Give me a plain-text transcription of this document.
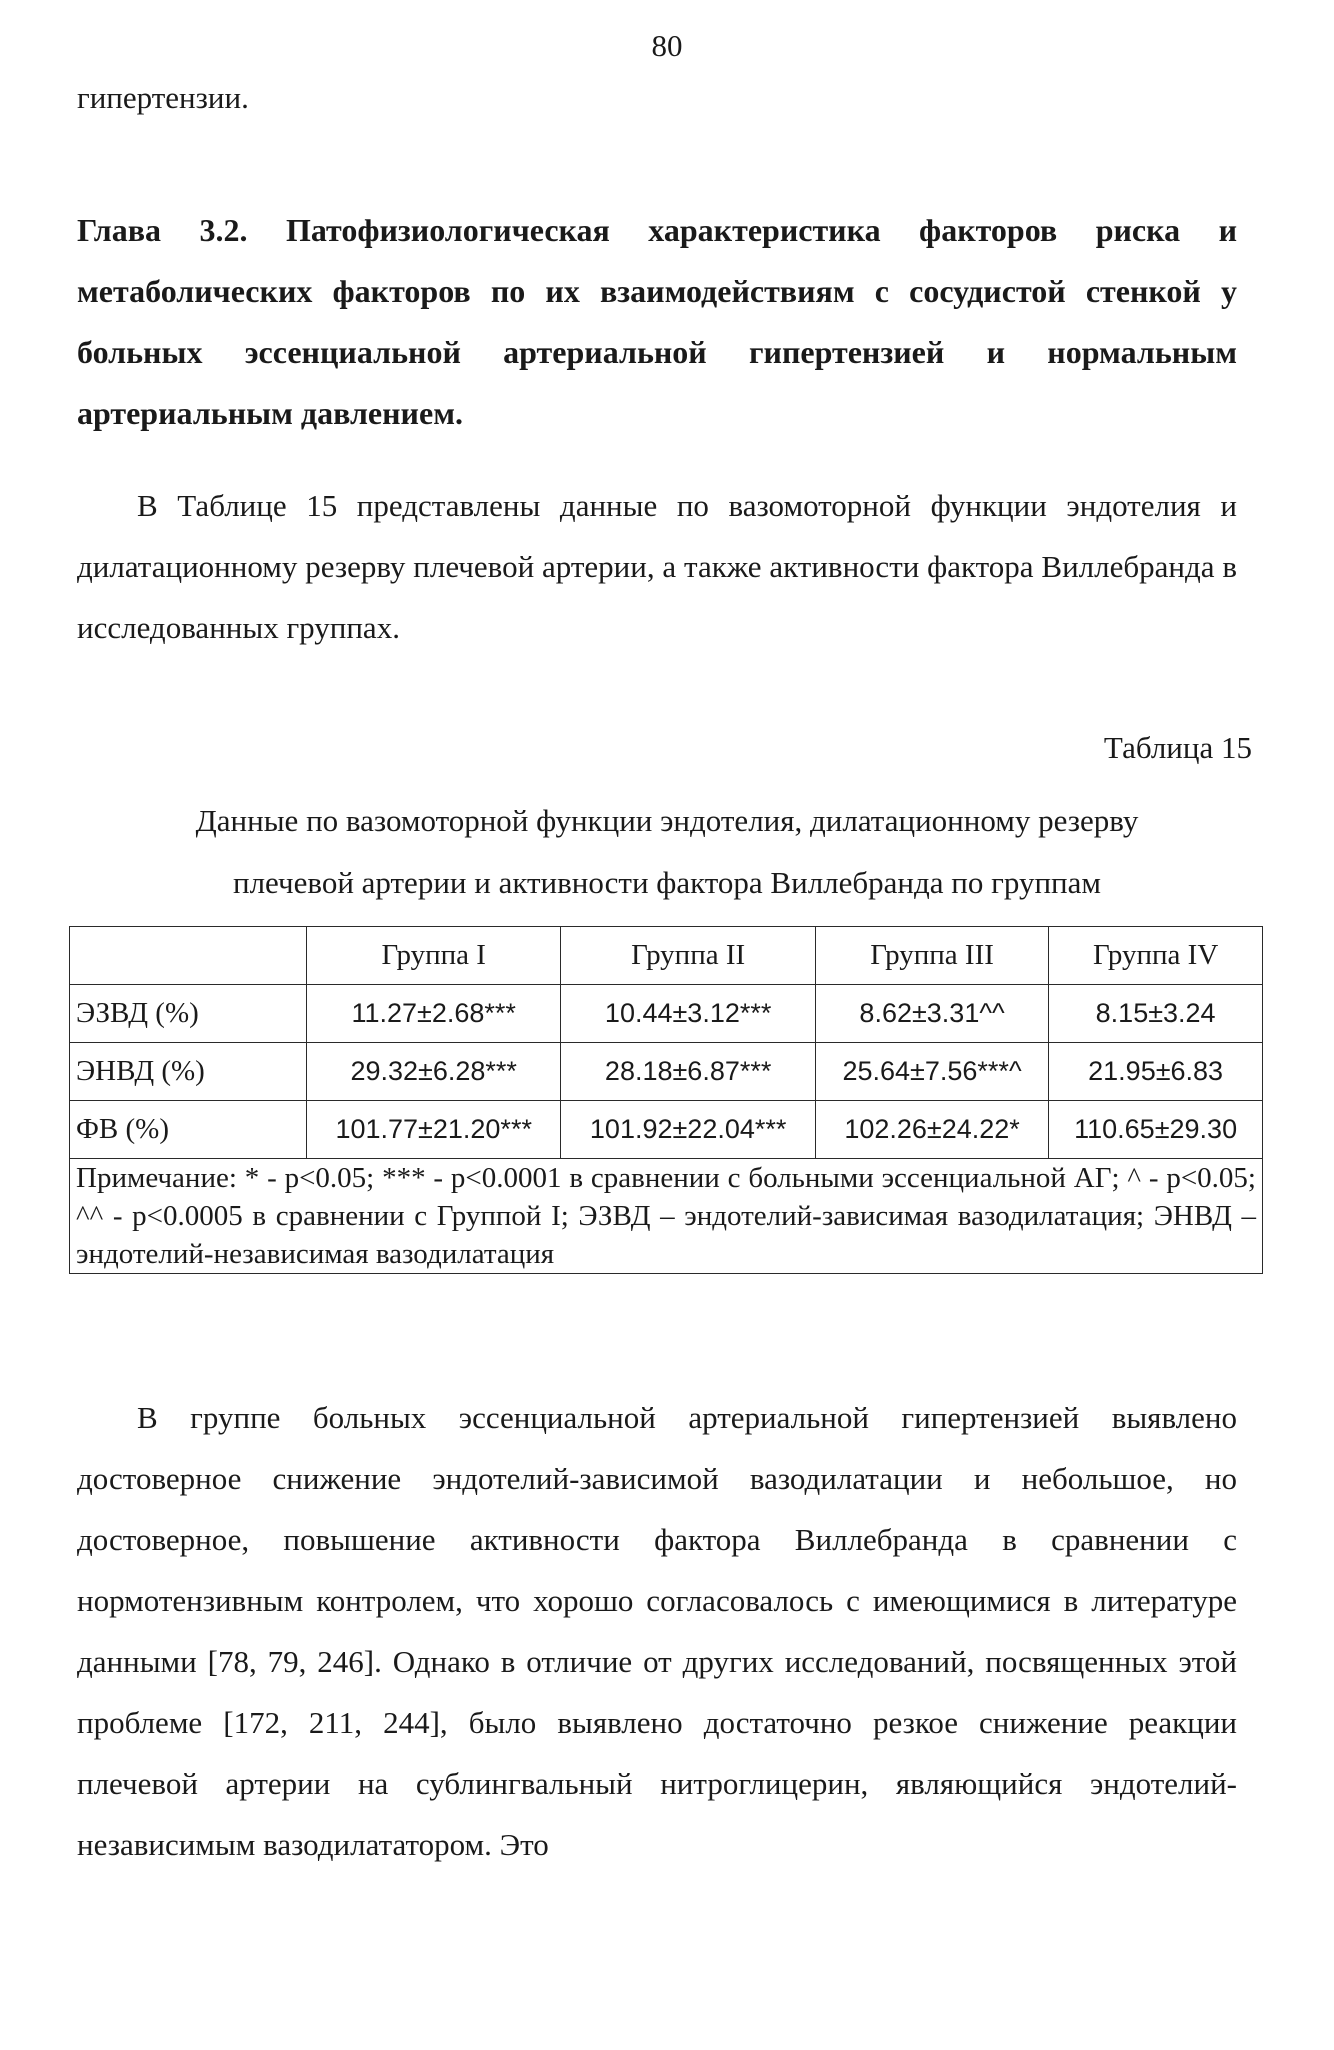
80
гипертензии.
Глава 3.2. Патофизиологическая характеристика факторов риска и метаболических факторов по их взаимодействиям с сосудистой стенкой у больных эссенциальной артериальной гипертензией и нормальным артериальным давлением.
В Таблице 15 представлены данные по вазомоторной функции эндотелия и дилатационному резерву плечевой артерии, а также активности фактора Виллебранда в исследованных группах.
Таблица 15
Данные по вазомоторной функции эндотелия, дилатационному резерву
плечевой артерии и активности фактора Виллебранда по группам
	Группа I	Группа II	Группа III	Группа IV
ЭЗВД (%)	11.27±2.68***	10.44±3.12***	8.62±3.31^^	8.15±3.24
ЭНВД (%)	29.32±6.28***	28.18±6.87***	25.64±7.56***^	21.95±6.83
ФВ (%)	101.77±21.20***	101.92±22.04***	102.26±24.22*	110.65±29.30
Примечание: * - p<0.05; *** - p<0.0001 в сравнении с больными эссенциальной АГ; ^ - p<0.05; ^^ - p<0.0005 в сравнении с Группой I; ЭЗВД – эндотелий-зависимая вазодилатация; ЭНВД – эндотелий-независимая вазодилатация				
В группе больных эссенциальной артериальной гипертензией выявлено достоверное снижение эндотелий-зависимой вазодилатации и небольшое, но достоверное, повышение активности фактора Виллебранда в сравнении с нормотензивным контролем, что хорошо согласовалось с имеющимися в литературе данными [78, 79, 246]. Однако в отличие от других исследований, посвященных этой проблеме [172, 211, 244], было выявлено достаточно резкое снижение реакции плечевой артерии на сублингвальный нитроглицерин, являющийся эндотелий-независимым вазодилататором. Это
